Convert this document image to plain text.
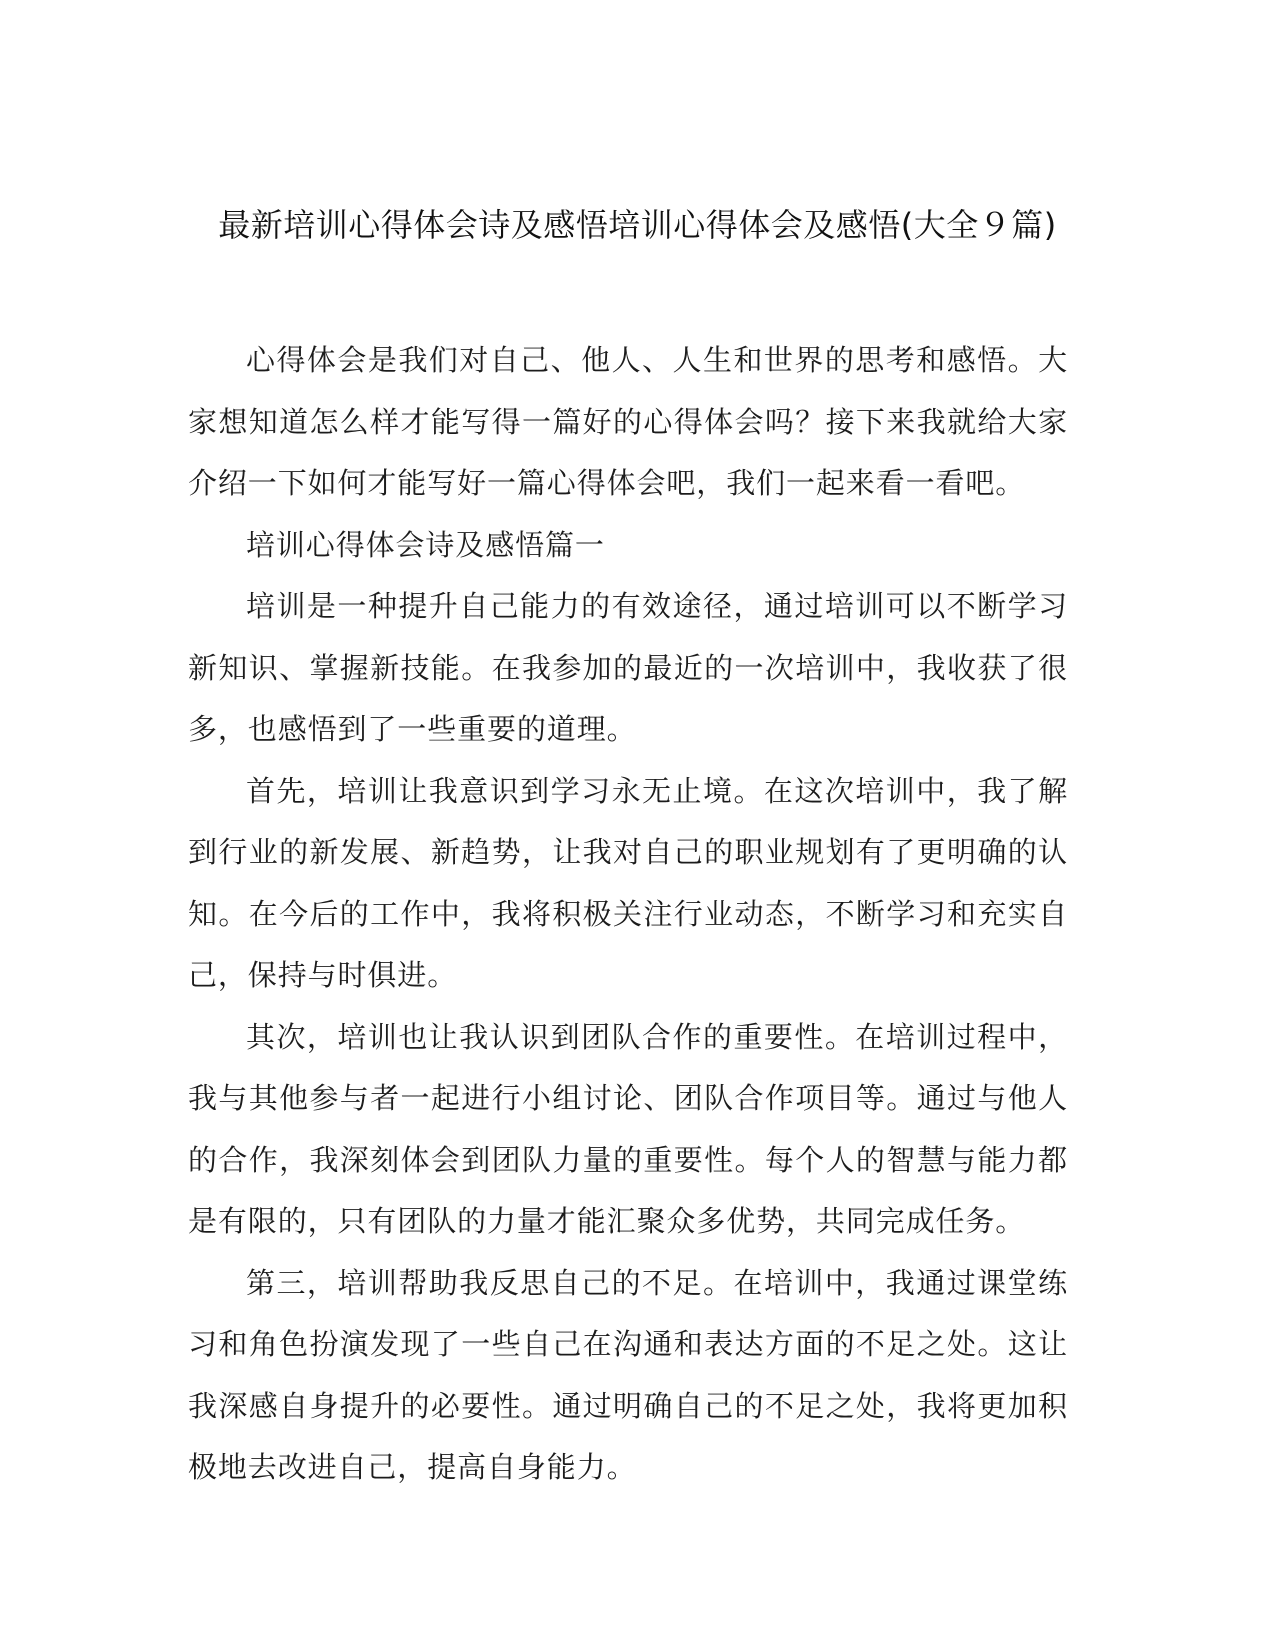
最新培训心得体会诗及感悟培训心得体会及感悟(大全９篇)

心得体会是我们对自己、他人、人生和世界的思考和感悟。大家想知道怎么样才能写得一篇好的心得体会吗？接下来我就给大家介绍一下如何才能写好一篇心得体会吧，我们一起来看一看吧。

培训心得体会诗及感悟篇一

培训是一种提升自己能力的有效途径，通过培训可以不断学习新知识、掌握新技能。在我参加的最近的一次培训中，我收获了很多，也感悟到了一些重要的道理。

首先，培训让我意识到学习永无止境。在这次培训中，我了解到行业的新发展、新趋势，让我对自己的职业规划有了更明确的认知。在今后的工作中，我将积极关注行业动态，不断学习和充实自己，保持与时俱进。

其次，培训也让我认识到团队合作的重要性。在培训过程中，我与其他参与者一起进行小组讨论、团队合作项目等。通过与他人的合作，我深刻体会到团队力量的重要性。每个人的智慧与能力都是有限的，只有团队的力量才能汇聚众多优势，共同完成任务。

第三，培训帮助我反思自己的不足。在培训中，我通过课堂练习和角色扮演发现了一些自己在沟通和表达方面的不足之处。这让我深感自身提升的必要性。通过明确自己的不足之处，我将更加积极地去改进自己，提高自身能力。
